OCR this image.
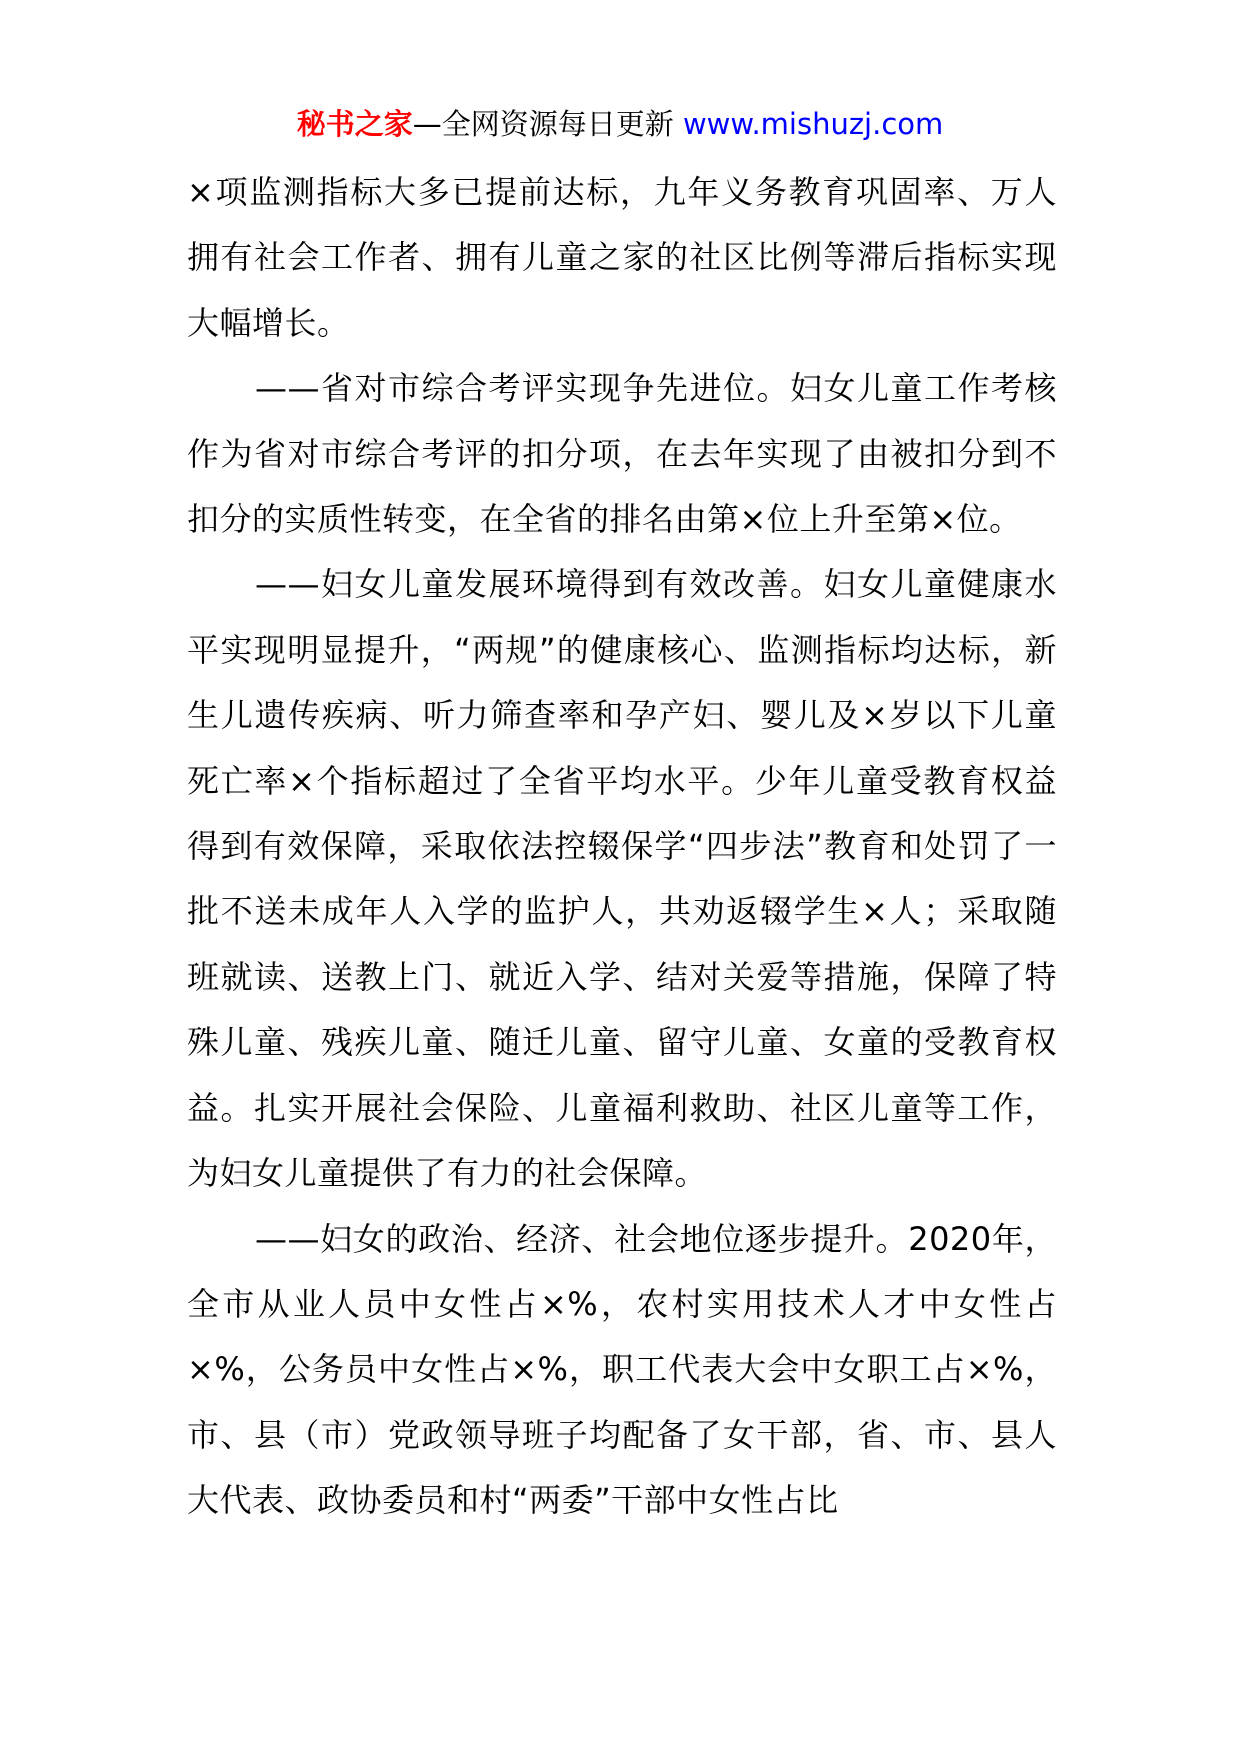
秘书之家—全网资源每日更新 www.mishuzj.com

×项监测指标大多已提前达标，九年义务教育巩固率、万人拥有社会工作者、拥有儿童之家的社区比例等滞后指标实现大幅增长。

——省对市综合考评实现争先进位。妇女儿童工作考核作为省对市综合考评的扣分项，在去年实现了由被扣分到不扣分的实质性转变，在全省的排名由第×位上升至第×位。

——妇女儿童发展环境得到有效改善。妇女儿童健康水平实现明显提升，“两规”的健康核心、监测指标均达标，新生儿遗传疾病、听力筛查率和孕产妇、婴儿及×岁以下儿童死亡率×个指标超过了全省平均水平。少年儿童受教育权益得到有效保障，采取依法控辍保学“四步法”教育和处罚了一批不送未成年人入学的监护人，共劝返辍学生×人；采取随班就读、送教上门、就近入学、结对关爱等措施，保障了特殊儿童、残疾儿童、随迁儿童、留守儿童、女童的受教育权益。扎实开展社会保险、儿童福利救助、社区儿童等工作，为妇女儿童提供了有力的社会保障。

——妇女的政治、经济、社会地位逐步提升。2020年，全市从业人员中女性占×%，农村实用技术人才中女性占×%，公务员中女性占×%，职工代表大会中女职工占×%，市、县（市）党政领导班子均配备了女干部，省、市、县人大代表、政协委员和村“两委”干部中女性占比
